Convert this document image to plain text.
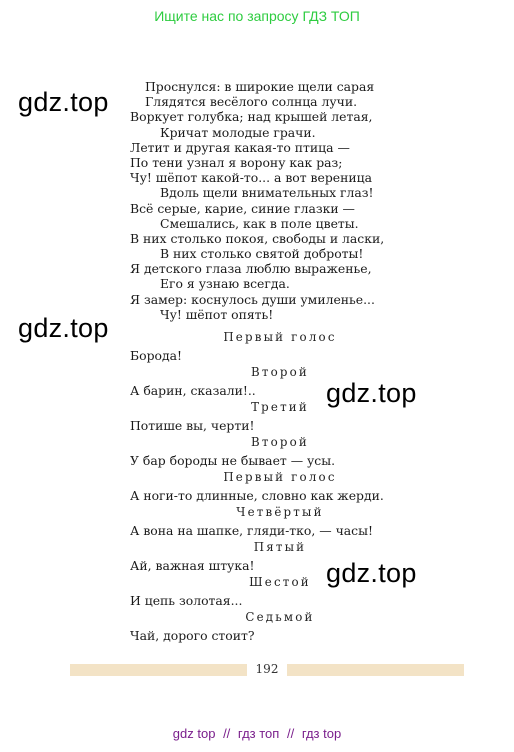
Ищите нас по запросу ГДЗ ТОП
gdz.top
gdz.top
gdz.top
gdz.top
Проснулся: в широкие щели сарая
Глядятся весёлого солнца лучи.
Воркует голубка; над крышей летая,
Кричат молодые грачи.
Летит и другая какая-то птица —
По тени узнал я ворону как раз;
Чу! шёпот какой-то... а вот вереница
Вдоль щели внимательных глаз!
Всё серые, карие, синие глазки —
Смешались, как в поле цветы.
В них столько покоя, свободы и ласки,
В них столько святой доброты!
Я детского глаза люблю выраженье,
Его я узнаю всегда.
Я замер: коснулось души умиленье...
Чу! шёпот опять!
Первый голос
Борода!
Второй
А барин, сказали!..
Третий
Потише вы, черти!
Второй
У бар бороды не бывает — усы.
Первый голос
А ноги-то длинные, словно как жерди.
Четвёртый
А вона на шапке, гляди-тко, — часы!
Пятый
Ай, важная штука!
Шестой
И цепь золотая...
Седьмой
Чай, дорого стоит?
192
gdz top // гдз топ // гдз top
